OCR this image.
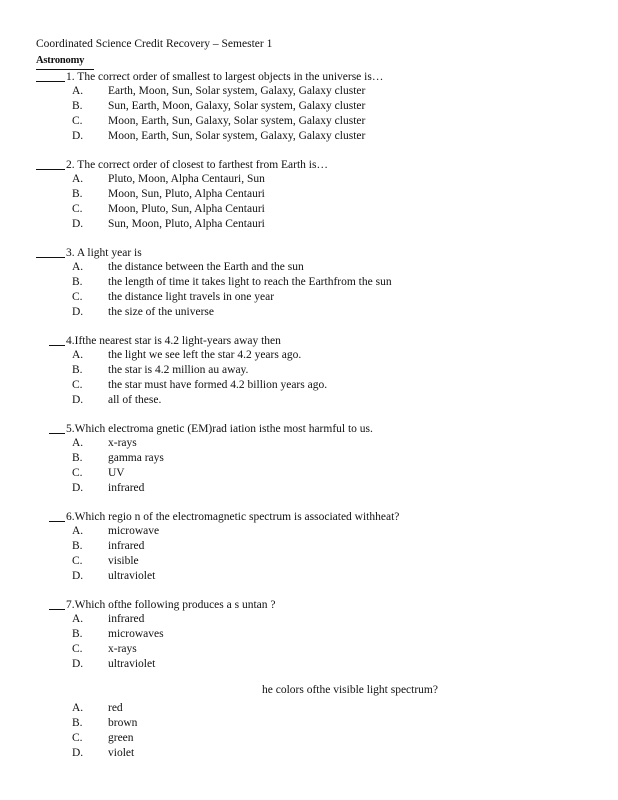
Coordinated Science Credit Recovery – Semester 1
Astronomy
1. The correct order of smallest to largest objects in the universe is…
A.	Earth, Moon, Sun, Solar system, Galaxy, Galaxy cluster
B.	Sun, Earth, Moon, Galaxy, Solar system, Galaxy cluster
C.	Moon, Earth, Sun, Galaxy, Solar system, Galaxy cluster
D.	Moon, Earth, Sun, Solar system, Galaxy, Galaxy cluster
2. The correct order of closest to farthest from Earth is…
A.	Pluto, Moon, Alpha Centauri, Sun
B.	Moon, Sun, Pluto, Alpha Centauri
C.	Moon, Pluto, Sun, Alpha Centauri
D.	Sun, Moon, Pluto, Alpha Centauri
3. A light year is
A.	the distance between the Earth and the sun
B.	the length of time it takes light to reach the Earthfrom the sun
C.	the distance light travels in one year
D.	the size of the universe
4.Ifthe nearest star is 4.2 light-years away then
A.	the light we see left the star 4.2 years ago.
B.	the star is 4.2 million au away.
C.	the star must have formed 4.2 billion years ago.
D.	all of these.
5.Which electroma gnetic (EM)rad iation isthe most harmful to us.
A.	x-rays
B.	gamma rays
C.	UV
D.	infrared
6.Which regio n of the electromagnetic spectrum is associated withheat?
A.	microwave
B.	infrared
C.	visible
D.	ultraviolet
7.Which ofthe following produces a s untan ?
A.	infrared
B.	microwaves
C.	x-rays
D.	ultraviolet
he colors ofthe visible light spectrum?
A.	red
B.	brown
C.	green
D.	violet
